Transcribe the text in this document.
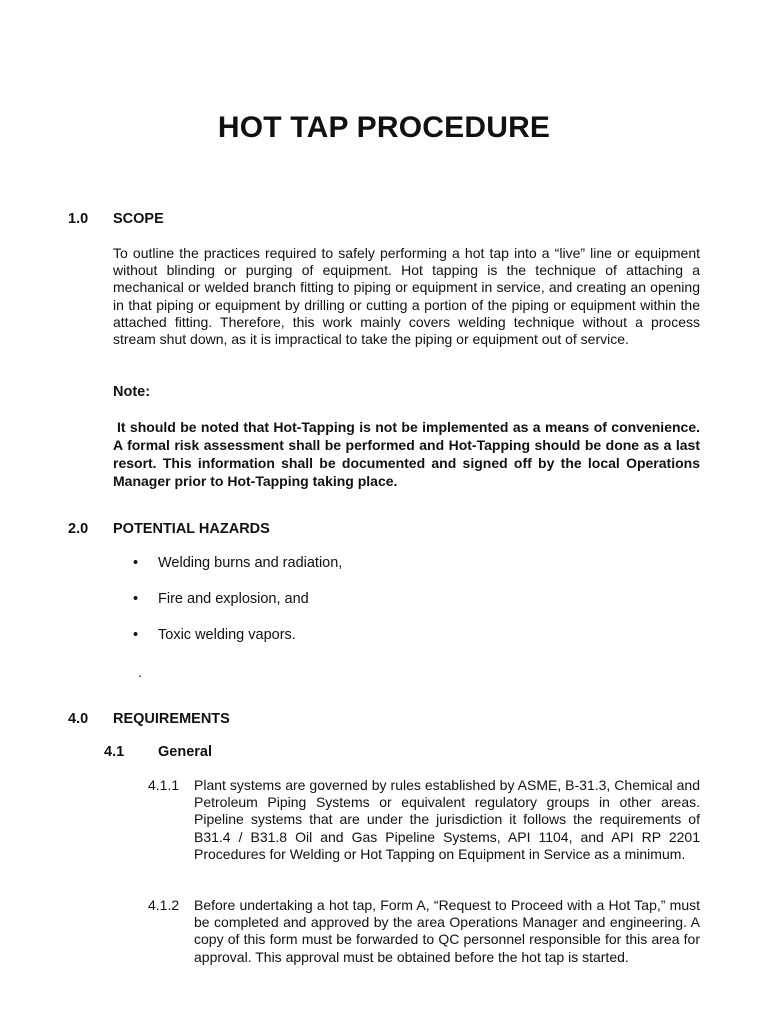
HOT TAP PROCEDURE
1.0 SCOPE
To outline the practices required to safely performing a hot tap into a “live” line or equipment without blinding or purging of equipment. Hot tapping is the technique of attaching a mechanical or welded branch fitting to piping or equipment in service, and creating an opening in that piping or equipment by drilling or cutting a portion of the piping or equipment within the attached fitting. Therefore, this work mainly covers welding technique without a process stream shut down, as it is impractical to take the piping or equipment out of service.
Note:
It should be noted that Hot-Tapping is not be implemented as a means of convenience. A formal risk assessment shall be performed and Hot-Tapping should be done as a last resort. This information shall be documented and signed off by the local Operations Manager prior to Hot-Tapping taking place.
2.0 POTENTIAL HAZARDS
• Welding burns and radiation,
• Fire and explosion, and
• Toxic welding vapors.
.
4.0 REQUIREMENTS
4.1 General
4.1.1 Plant systems are governed by rules established by ASME, B-31.3, Chemical and Petroleum Piping Systems or equivalent regulatory groups in other areas. Pipeline systems that are under the jurisdiction it follows the requirements of B31.4 / B31.8 Oil and Gas Pipeline Systems, API 1104, and API RP 2201 Procedures for Welding or Hot Tapping on Equipment in Service as a minimum.
4.1.2 Before undertaking a hot tap, Form A, “Request to Proceed with a Hot Tap,” must be completed and approved by the area Operations Manager and engineering. A copy of this form must be forwarded to QC personnel responsible for this area for approval. This approval must be obtained before the hot tap is started.
